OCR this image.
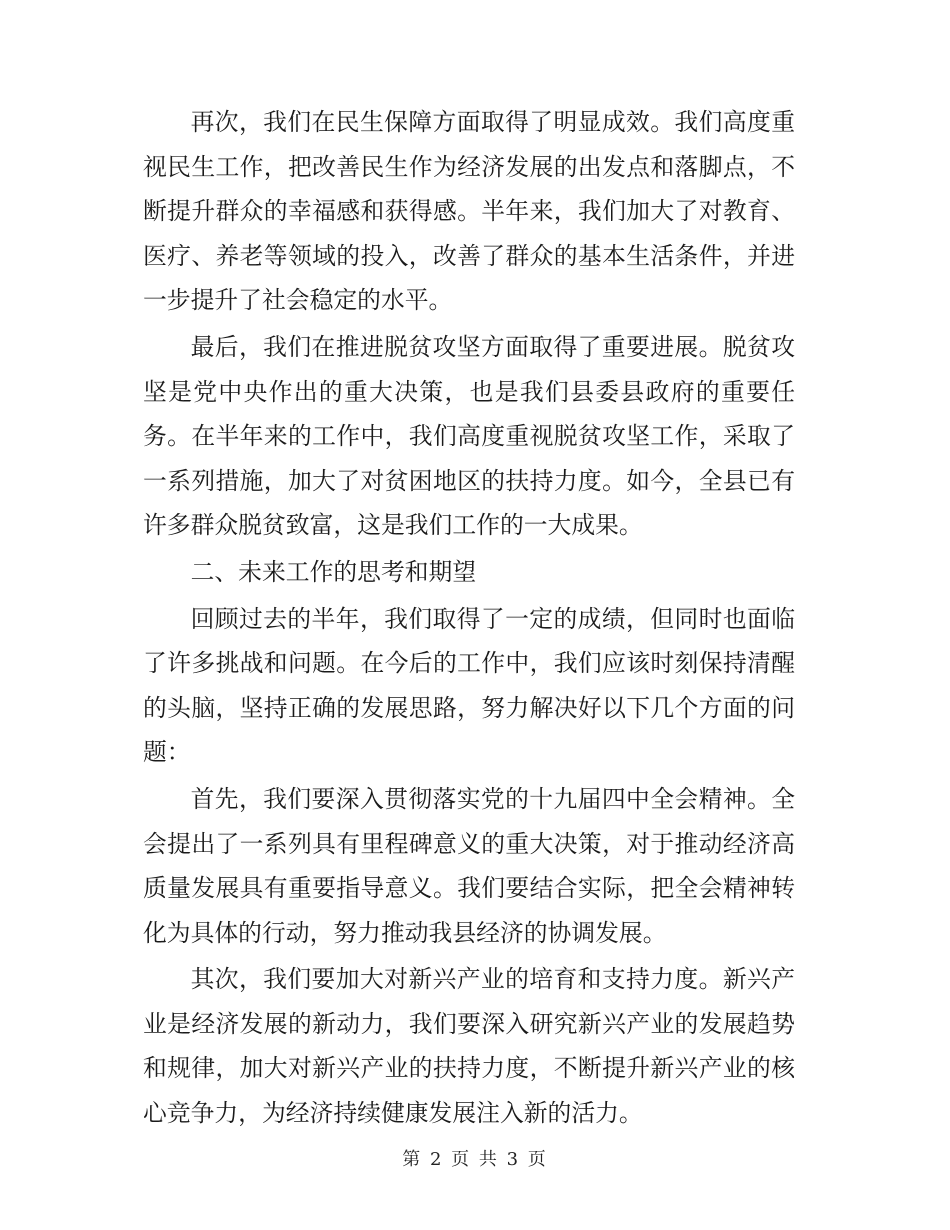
再次，我们在民生保障方面取得了明显成效。我们高度重视民生工作，把改善民生作为经济发展的出发点和落脚点，不断提升群众的幸福感和获得感。半年来，我们加大了对教育、医疗、养老等领域的投入，改善了群众的基本生活条件，并进一步提升了社会稳定的水平。

最后，我们在推进脱贫攻坚方面取得了重要进展。脱贫攻坚是党中央作出的重大决策，也是我们县委县政府的重要任务。在半年来的工作中，我们高度重视脱贫攻坚工作，采取了一系列措施，加大了对贫困地区的扶持力度。如今，全县已有许多群众脱贫致富，这是我们工作的一大成果。

二、未来工作的思考和期望

回顾过去的半年，我们取得了一定的成绩，但同时也面临了许多挑战和问题。在今后的工作中，我们应该时刻保持清醒的头脑，坚持正确的发展思路，努力解决好以下几个方面的问题：

首先，我们要深入贯彻落实党的十九届四中全会精神。全会提出了一系列具有里程碑意义的重大决策，对于推动经济高质量发展具有重要指导意义。我们要结合实际，把全会精神转化为具体的行动，努力推动我县经济的协调发展。

其次，我们要加大对新兴产业的培育和支持力度。新兴产业是经济发展的新动力，我们要深入研究新兴产业的发展趋势和规律，加大对新兴产业的扶持力度，不断提升新兴产业的核心竞争力，为经济持续健康发展注入新的活力。

第 2 页 共 3 页
